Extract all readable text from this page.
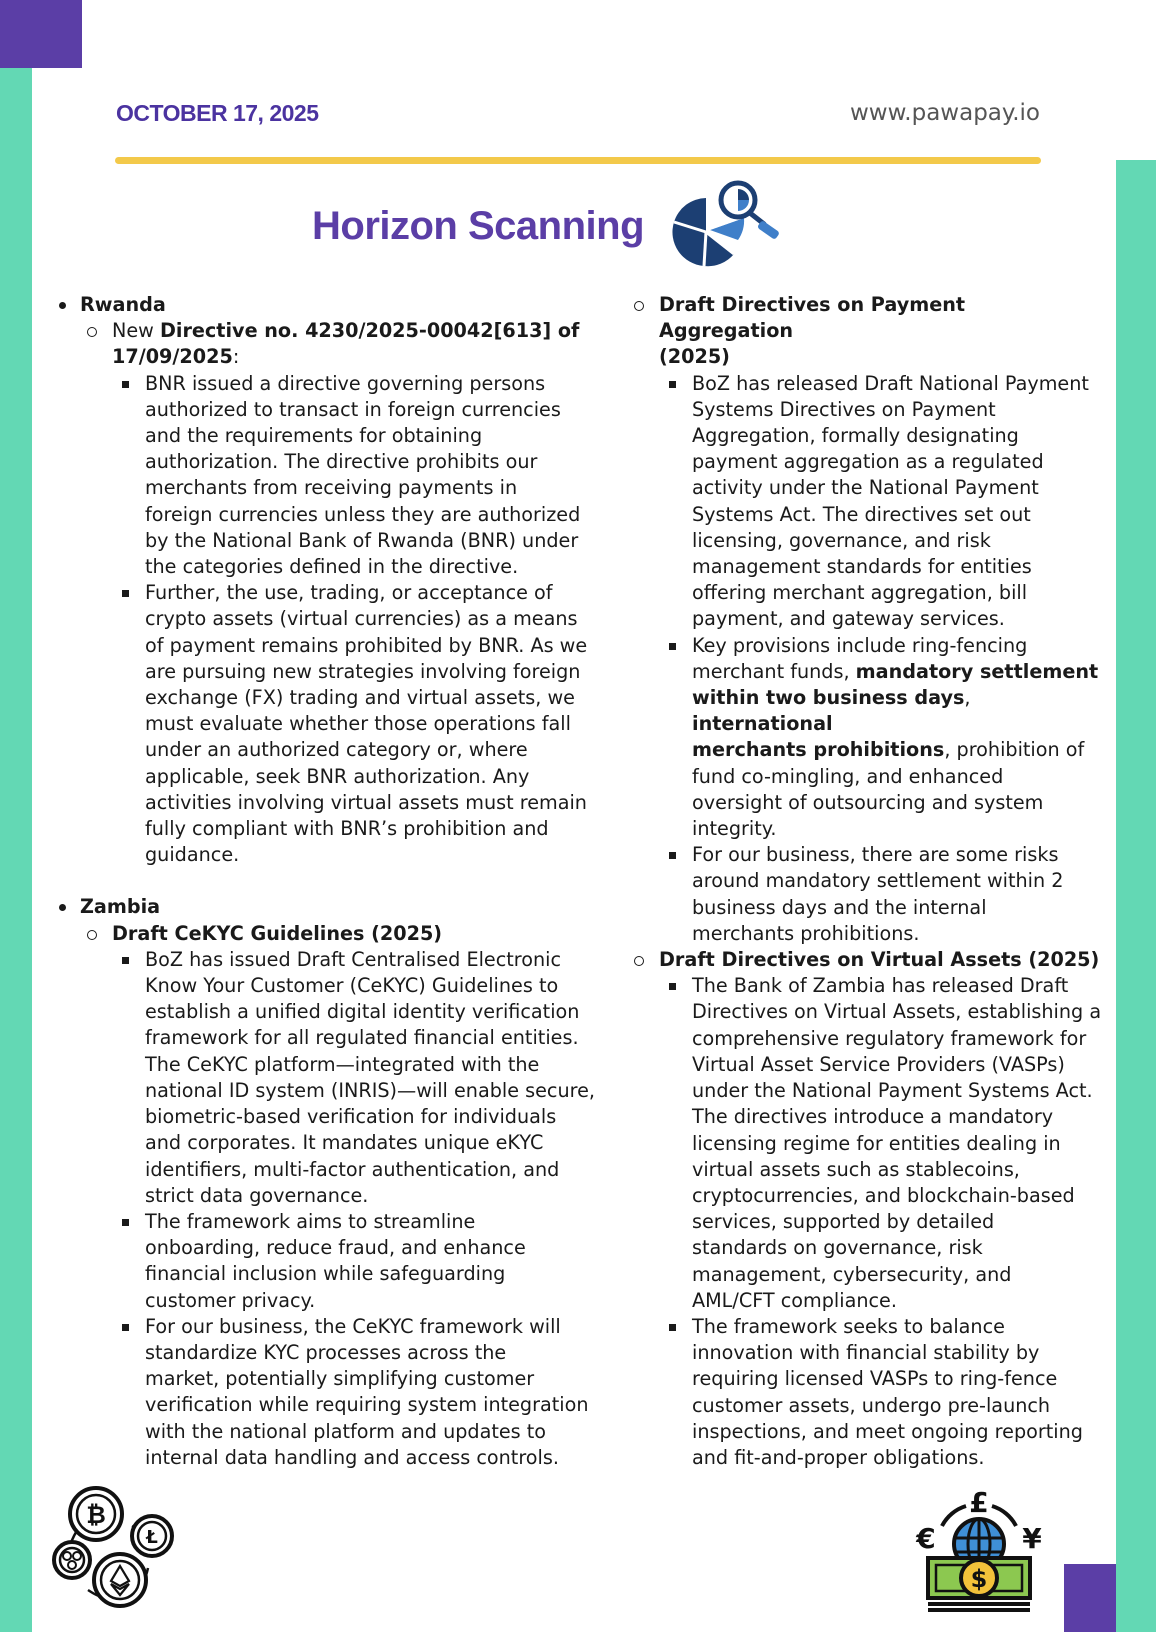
OCTOBER 17, 2025	www.pawapay.io
Horizon Scanning
Rwanda
New Directive no. 4230/2025-00042[613] of
17/09/2025:
BNR issued a directive governing persons
authorized to transact in foreign currencies
and the requirements for obtaining
authorization. The directive prohibits our
merchants from receiving payments in
foreign currencies unless they are authorized
by the National Bank of Rwanda (BNR) under
the categories defined in the directive.
Further, the use, trading, or acceptance of
crypto assets (virtual currencies) as a means
of payment remains prohibited by BNR. As we
are pursuing new strategies involving foreign
exchange (FX) trading and virtual assets, we
must evaluate whether those operations fall
under an authorized category or, where
applicable, seek BNR authorization. Any
activities involving virtual assets must remain
fully compliant with BNR’s prohibition and
guidance.
Zambia
Draft CeKYC Guidelines (2025)
BoZ has issued Draft Centralised Electronic
Know Your Customer (CeKYC) Guidelines to
establish a unified digital identity verification
framework for all regulated financial entities.
The CeKYC platform—integrated with the
national ID system (INRIS)—will enable secure,
biometric-based verification for individuals
and corporates. It mandates unique eKYC
identifiers, multi-factor authentication, and
strict data governance.
The framework aims to streamline
onboarding, reduce fraud, and enhance
financial inclusion while safeguarding
customer privacy.
For our business, the CeKYC framework will
standardize KYC processes across the
market, potentially simplifying customer
verification while requiring system integration
with the national platform and updates to
internal data handling and access controls.
Draft Directives on Payment Aggregation
(2025)
BoZ has released Draft National Payment
Systems Directives on Payment
Aggregation, formally designating
payment aggregation as a regulated
activity under the National Payment
Systems Act. The directives set out
licensing, governance, and risk
management standards for entities
offering merchant aggregation, bill
payment, and gateway services.
Key provisions include ring-fencing
merchant funds, mandatory settlement
within two business days, international
merchants prohibitions, prohibition of
fund co-mingling, and enhanced
oversight of outsourcing and system
integrity.
For our business, there are some risks
around mandatory settlement within 2
business days and the internal
merchants prohibitions.
Draft Directives on Virtual Assets (2025)
The Bank of Zambia has released Draft
Directives on Virtual Assets, establishing a
comprehensive regulatory framework for
Virtual Asset Service Providers (VASPs)
under the National Payment Systems Act.
The directives introduce a mandatory
licensing regime for entities dealing in
virtual assets such as stablecoins,
cryptocurrencies, and blockchain-based
services, supported by detailed
standards on governance, risk
management, cybersecurity, and
AML/CFT compliance.
The framework seeks to balance
innovation with financial stability by
requiring licensed VASPs to ring-fence
customer assets, undergo pre-launch
inspections, and meet ongoing reporting
and fit-and-proper obligations.
₿
Ł
£
€	¥
$
